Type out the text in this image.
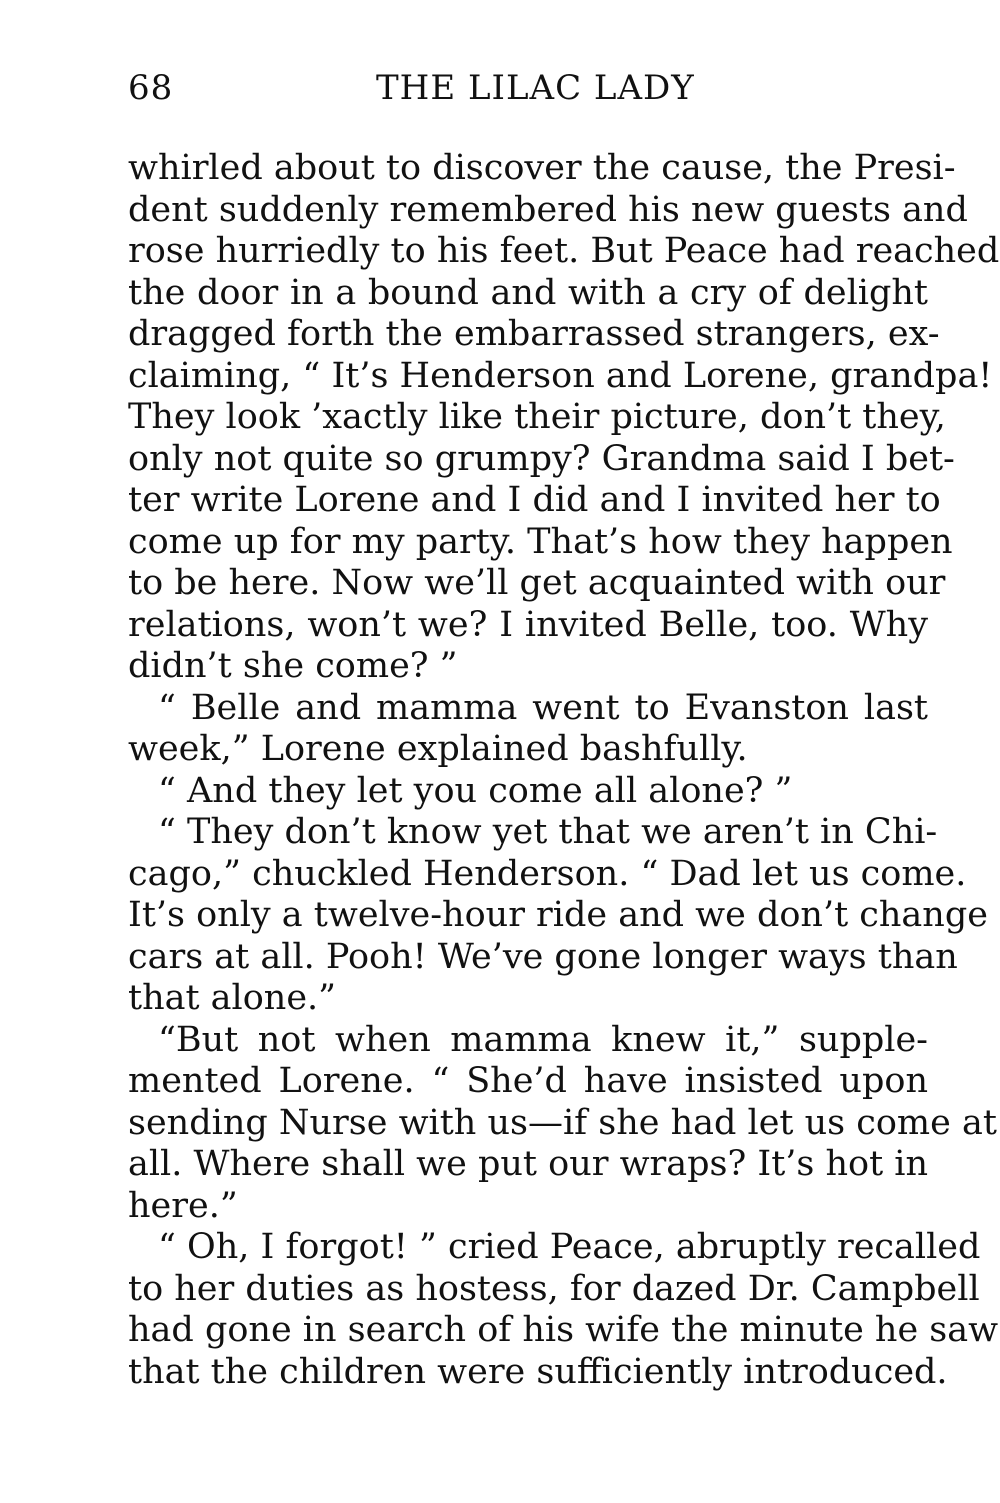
68	THE LILAC LADY
whirled about to discover the cause, the Presi-
dent suddenly remembered his new guests and
rose hurriedly to his feet. But Peace had reached
the door in a bound and with a cry of delight
dragged forth the embarrassed strangers, ex-
claiming, “ It’s Henderson and Lorene, grandpa!
They look ’xactly like their picture, don’t they,
only not quite so grumpy? Grandma said I bet-
ter write Lorene and I did and I invited her to
come up for my party. That’s how they happen
to be here. Now we’ll get acquainted with our
relations, won’t we? I invited Belle, too. Why
didn’t she come? ”
“ Belle and mamma went to Evanston last
week,” Lorene explained bashfully.
“ And they let you come all alone? ”
“ They don’t know yet that we aren’t in Chi-
cago,” chuckled Henderson. “ Dad let us come.
It’s only a twelve-hour ride and we don’t change
cars at all. Pooh! We’ve gone longer ways than
that alone.”
“But not when mamma knew it,” supple-
mented Lorene. “ She’d have insisted upon
sending Nurse with us—if she had let us come at
all. Where shall we put our wraps? It’s hot in
here.”
“ Oh, I forgot! ” cried Peace, abruptly recalled
to her duties as hostess, for dazed Dr. Campbell
had gone in search of his wife the minute he saw
that the children were sufficiently introduced.
